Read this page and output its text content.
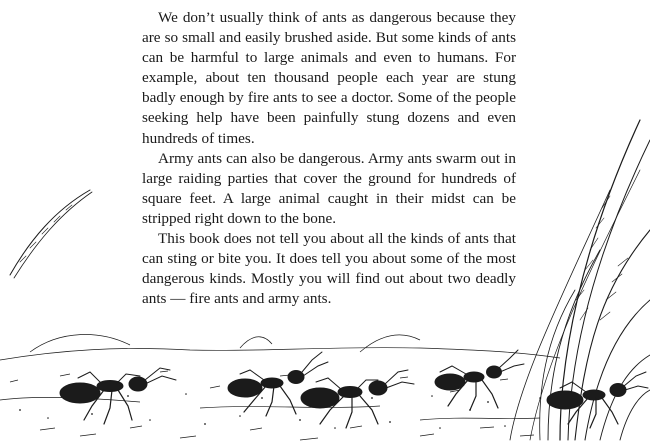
We don’t usually think of ants as dangerous because they are so small and easily brushed aside. But some kinds of ants can be harmful to large animals and even to humans. For example, about ten thousand people each year are stung badly enough by fire ants to see a doctor. Some of the people seeking help have been painfully stung dozens and even hundreds of times.

Army ants can also be dangerous. Army ants swarm out in large raiding parties that cover the ground for hundreds of square feet. A large animal caught in their midst can be stripped right down to the bone.

This book does not tell you about all the kinds of ants that can sting or bite you. It does tell you about some of the most dangerous kinds. Mostly you will find out about two deadly ants — fire ants and army ants.
